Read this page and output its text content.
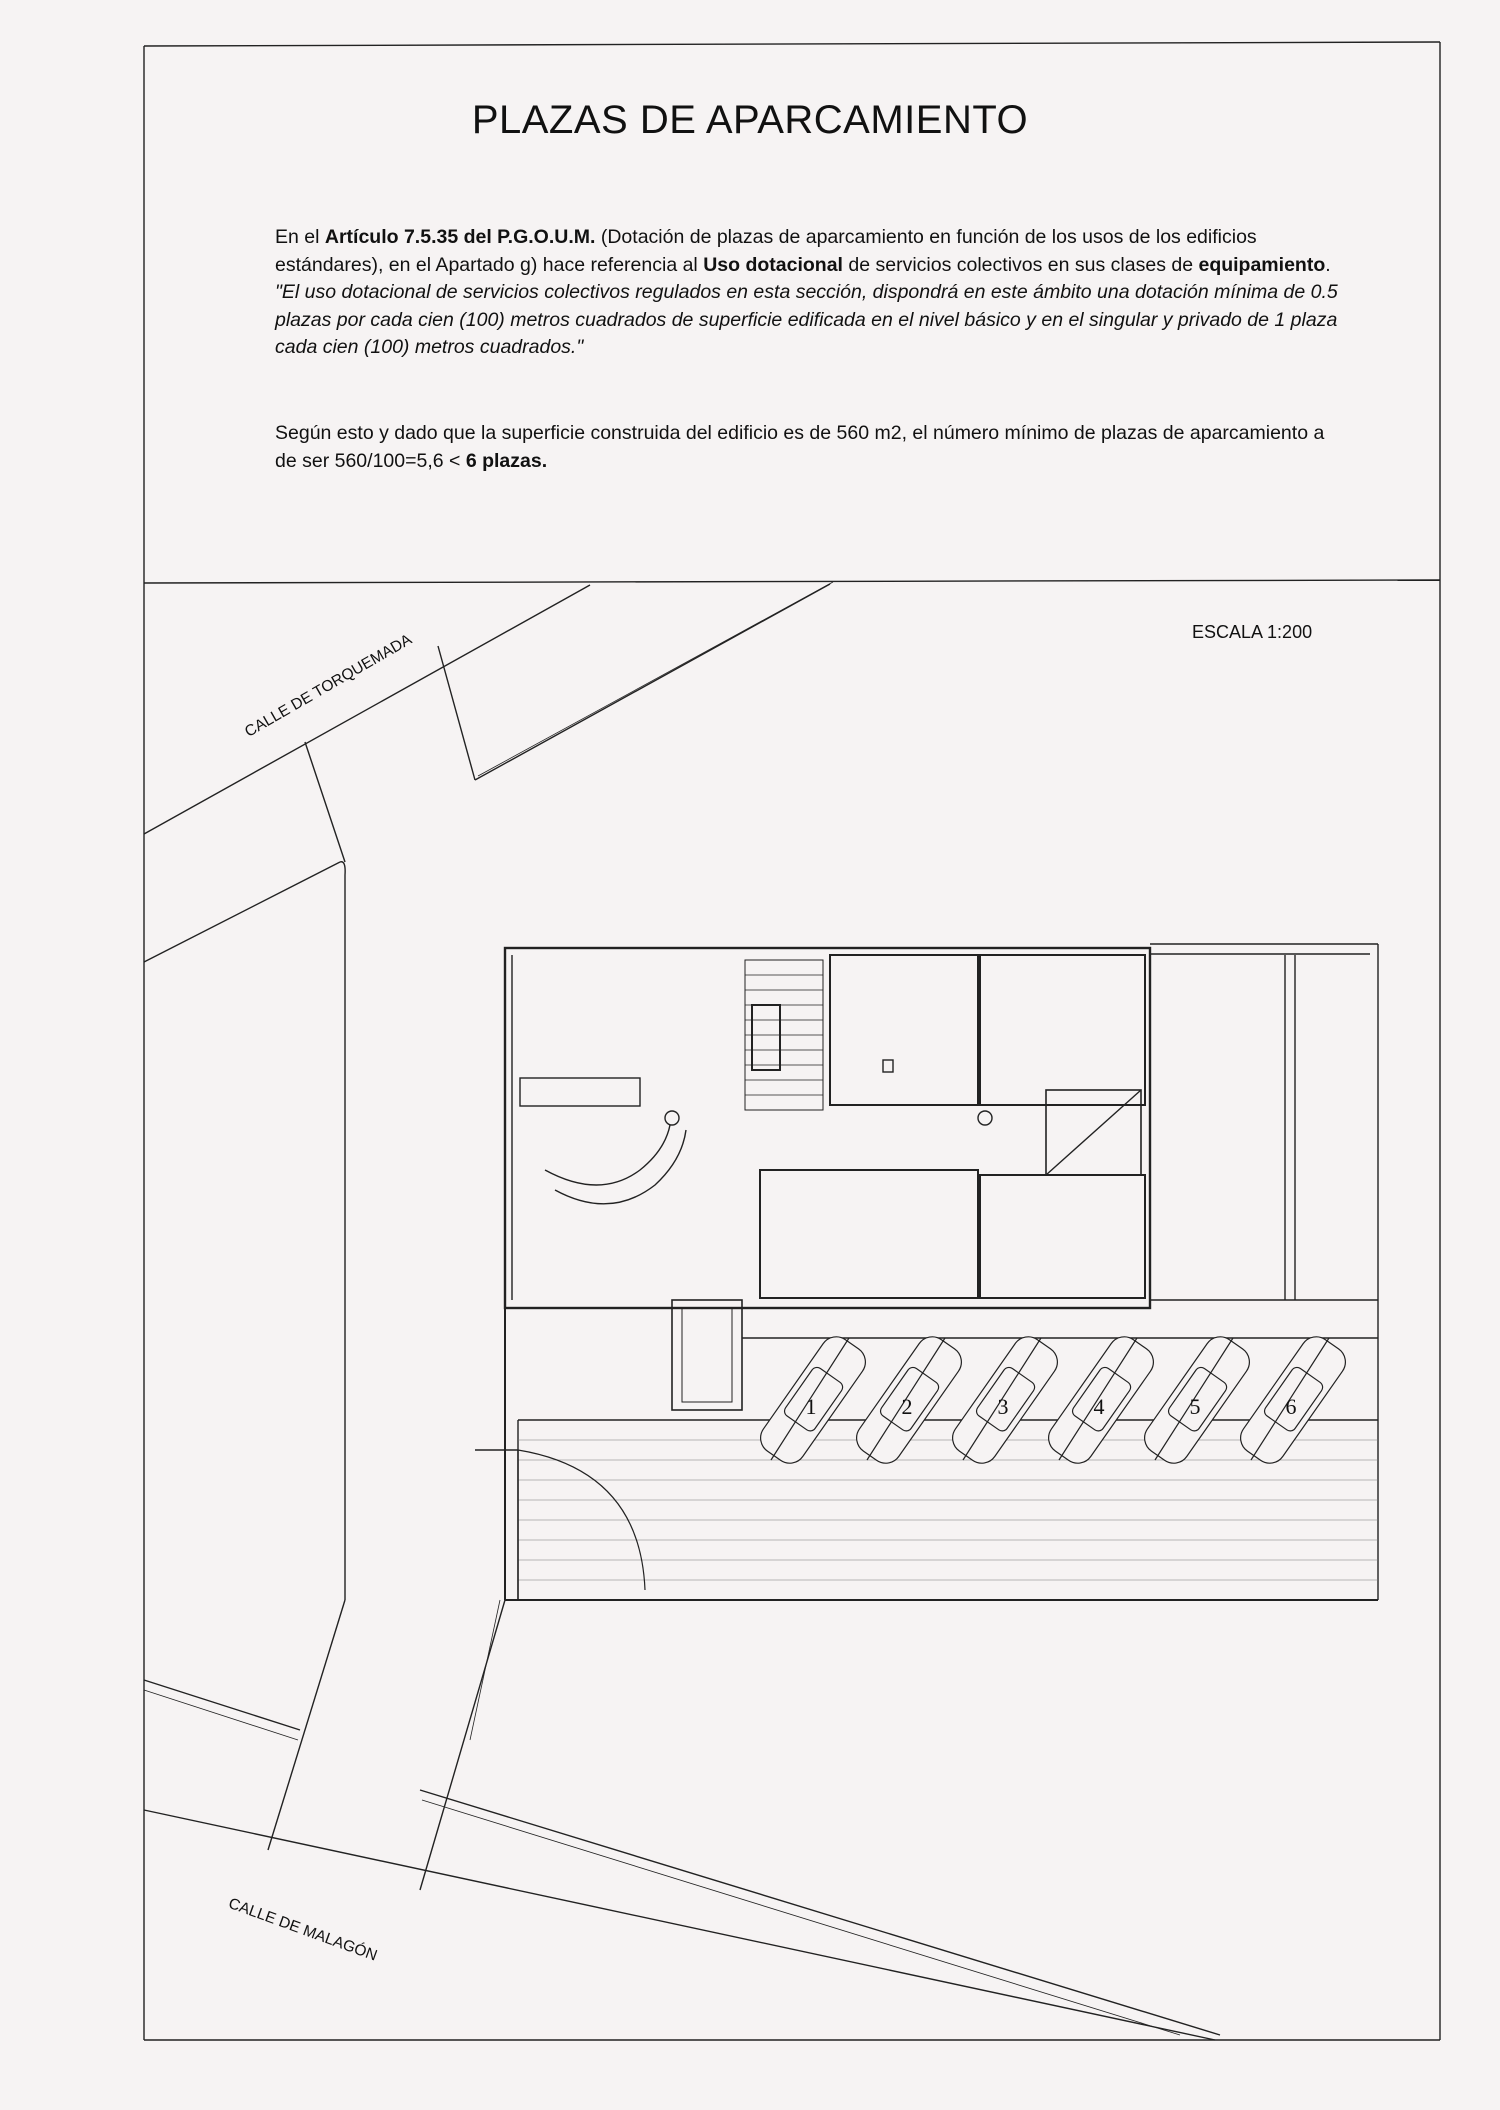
1	2	3	4	5	6
PLAZAS DE APARCAMIENTO
En el Artículo 7.5.35 del P.G.O.U.M. (Dotación de plazas de aparcamiento en función de los usos de los edificios estándares), en el Apartado g) hace referencia al Uso dotacional de servicios colectivos en sus clases de equipamiento.
"El uso dotacional de servicios colectivos regulados en esta sección, dispondrá en este ámbito una dotación mínima de 0.5 plazas por cada cien (100) metros cuadrados de superficie edificada en el nivel básico y en el singular y privado de 1 plaza cada cien (100) metros cuadrados."
Según esto y dado que la superficie construida del edificio es de 560 m2, el número mínimo de plazas de aparcamiento a de ser 560/100=5,6 < 6 plazas.
ESCALA 1:200
CALLE DE TORQUEMADA
CALLE DE MALAGÓN
